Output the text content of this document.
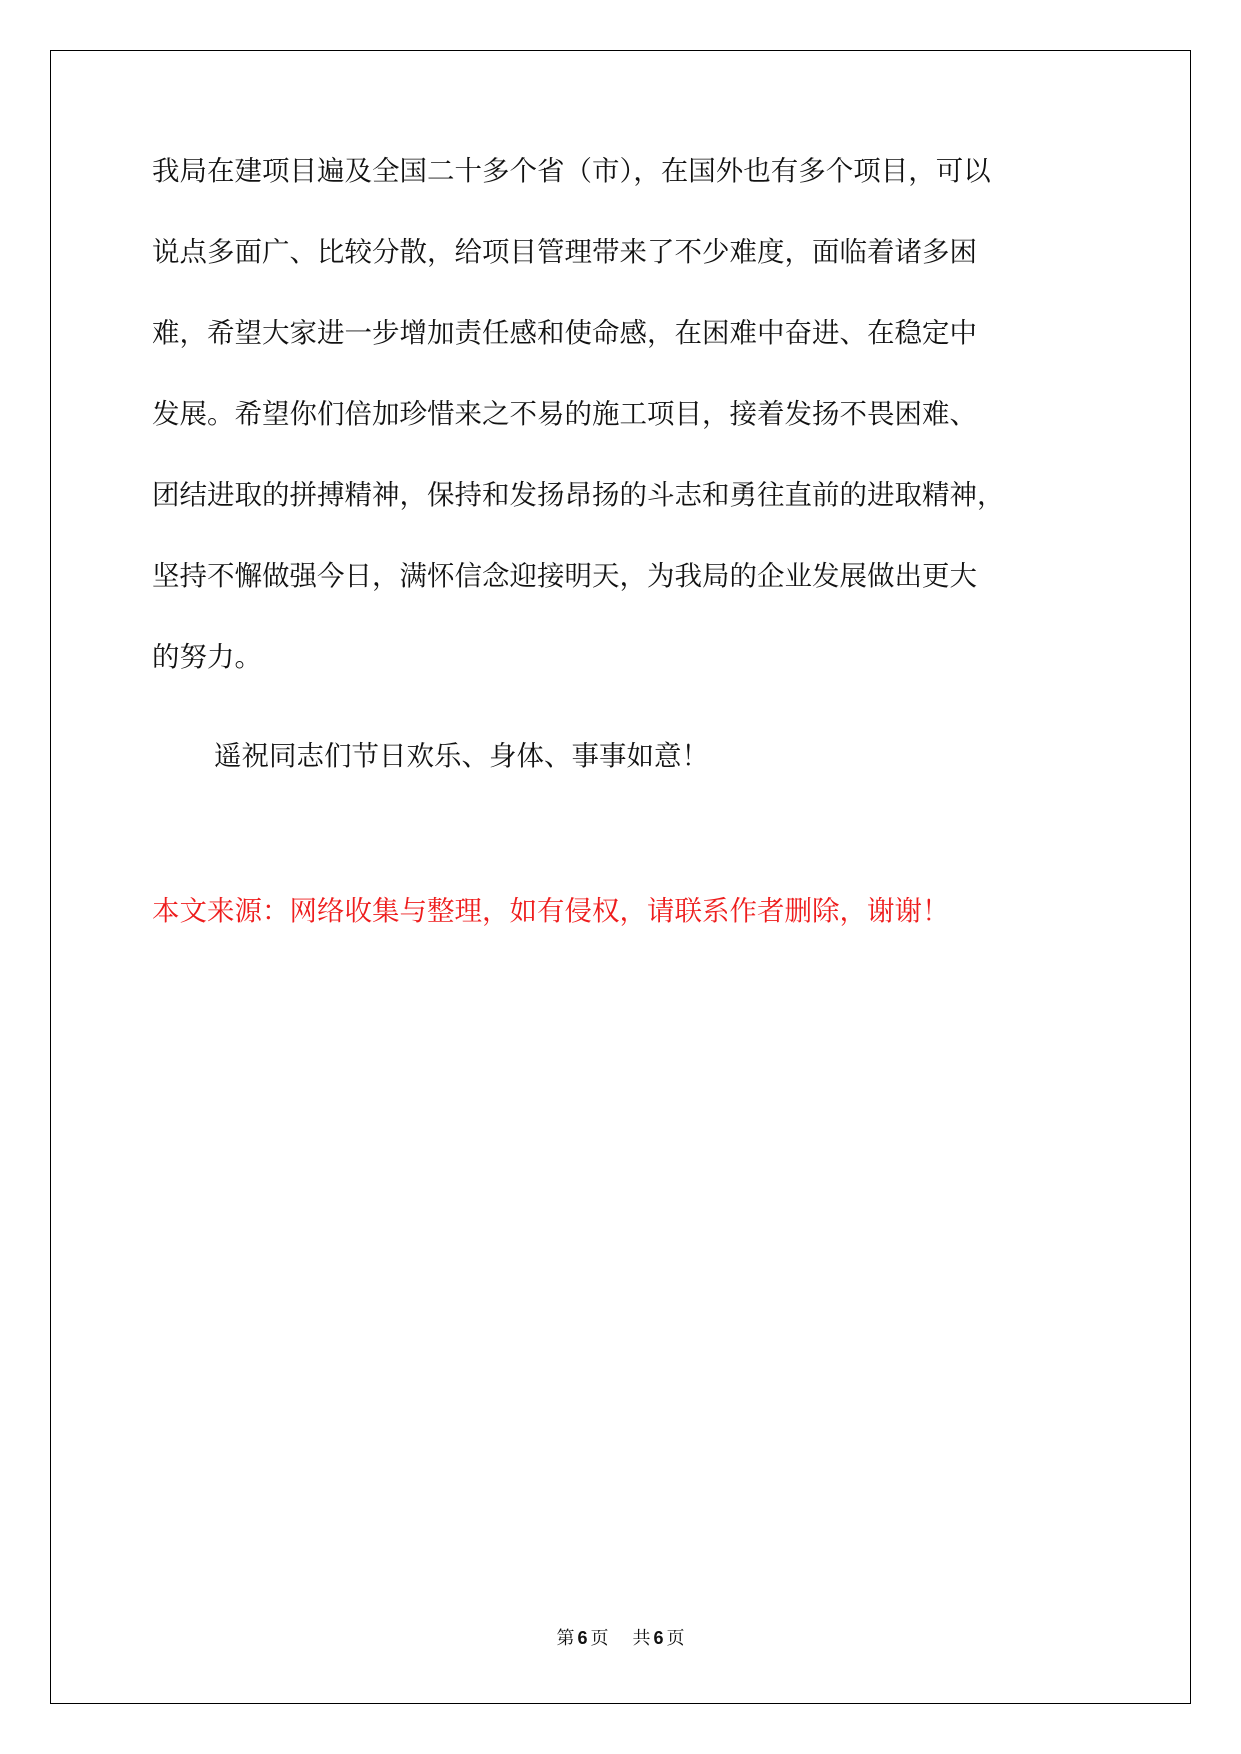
我局在建项目遍及全国二十多个省（市），在国外也有多个项目，可以
说点多面广、比较分散，给项目管理带来了不少难度，面临着诸多困
难，希望大家进一步增加责任感和使命感，在困难中奋进、在稳定中
发展。希望你们倍加珍惜来之不易的施工项目，接着发扬不畏困难、
团结进取的拼搏精神，保持和发扬昂扬的斗志和勇往直前的进取精神，
坚持不懈做强今日，满怀信念迎接明天，为我局的企业发展做出更大
的努力。
遥祝同志们节日欢乐、身体、事事如意！
本文来源：网络收集与整理，如有侵权，请联系作者删除，谢谢！
第 6 页 共 6 页
